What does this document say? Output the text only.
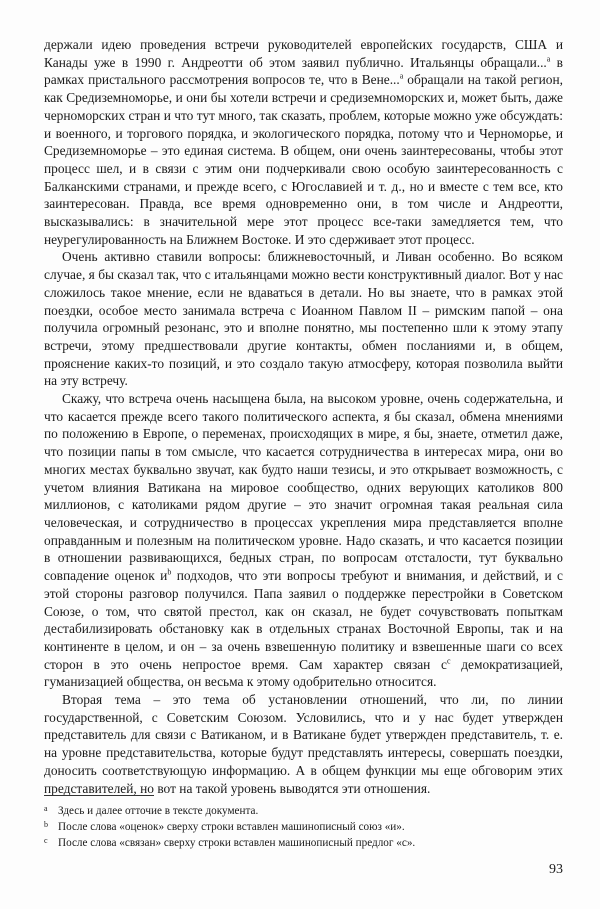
держали идею проведения встречи руководителей европейских государств, США и Канады уже в 1990 г. Андреотти об этом заявил публично. Итальянцы обращали...$^a$ в рамках пристального рассмотрения вопросов те, что в Вене...$^a$ обращали на такой регион, как Средиземноморье, и они бы хотели встречи и средиземноморских и, может быть, даже черноморских стран и что тут много, так сказать, проблем, которые можно уже обсуждать: и военного, и торгового порядка, и экологического порядка, потому что и Черноморье, и Средиземноморье – это единая система. В общем, они очень заинтересованы, чтобы этот процесс шел, и в связи с этим они подчеркивали свою особую заинтересованность с Балканскими странами, и прежде всего, с Югославией и т. д., но и вместе с тем все, кто заинтересован. Правда, все время одновременно они, в том числе и Андреотти, высказывались: в значительной мере этот процесс все-таки замедляется тем, что неурегулированность на Ближнем Востоке. И это сдерживает этот процесс.

Очень активно ставили вопросы: ближневосточный, и Ливан особенно. Во всяком случае, я бы сказал так, что с итальянцами можно вести конструктивный диалог. Вот у нас сложилось такое мнение, если не вдаваться в детали. Но вы знаете, что в рамках этой поездки, особое место занимала встреча с Иоанном Павлом II – римским папой – она получила огромный резонанс, это и вполне понятно, мы постепенно шли к этому этапу встречи, этому предшествовали другие контакты, обмен посланиями и, в общем, прояснение каких-то позиций, и это создало такую атмосферу, которая позволила выйти на эту встречу.

Скажу, что встреча очень насыщена была, на высоком уровне, очень содержательна, и что касается прежде всего такого политического аспекта, я бы сказал, обмена мнениями по положению в Европе, о переменах, происходящих в мире, я бы, знаете, отметил даже, что позиции папы в том смысле, что касается сотрудничества в интересах мира, они во многих местах буквально звучат, как будто наши тезисы, и это открывает возможность, с учетом влияния Ватикана на мировое сообщество, одних верующих католиков 800 миллионов, с католиками рядом другие – это значит огромная такая реальная сила человеческая, и сотрудничество в процессах укрепления мира представляется вполне оправданным и полезным на политическом уровне. Надо сказать, и что касается позиции в отношении развивающихся, бедных стран, по вопросам отсталости, тут буквально совпадение оценок $и^b$ подходов, что эти вопросы требуют и внимания, и действий, и с этой стороны разговор получился. Папа заявил о поддержке перестройки в Советском Союзе, о том, что святой престол, как он сказал, не будет сочувствовать попыткам дестабилизировать обстановку как в отдельных странах Восточной Европы, так и на континенте в целом, и он – за очень взвешенную политику и взвешенные шаги со всех сторон в это очень непростое время. Сам характер связан $с^c$ демократизацией, гуманизацией общества, он весьма к этому одобрительно относится.

Вторая тема – это тема об установлении отношений, что ли, по линии государственной, с Советским Союзом. Условились, что и у нас будет утвержден представитель для связи с Ватиканом, и в Ватикане будет утвержден представитель, т. е. на уровне представительства, которые будут представлять интересы, совершать поездки, доносить соответствующую информацию. А в общем функции мы еще обговорим этих представителей, но вот на такой уровень выводятся эти отношения.

a Здесь и далее отточие в тексте документа.
b После слова «оценок» сверху строки вставлен машинописный союз «и».
c После слова «связан» сверху строки вставлен машинописный предлог «с».
93
